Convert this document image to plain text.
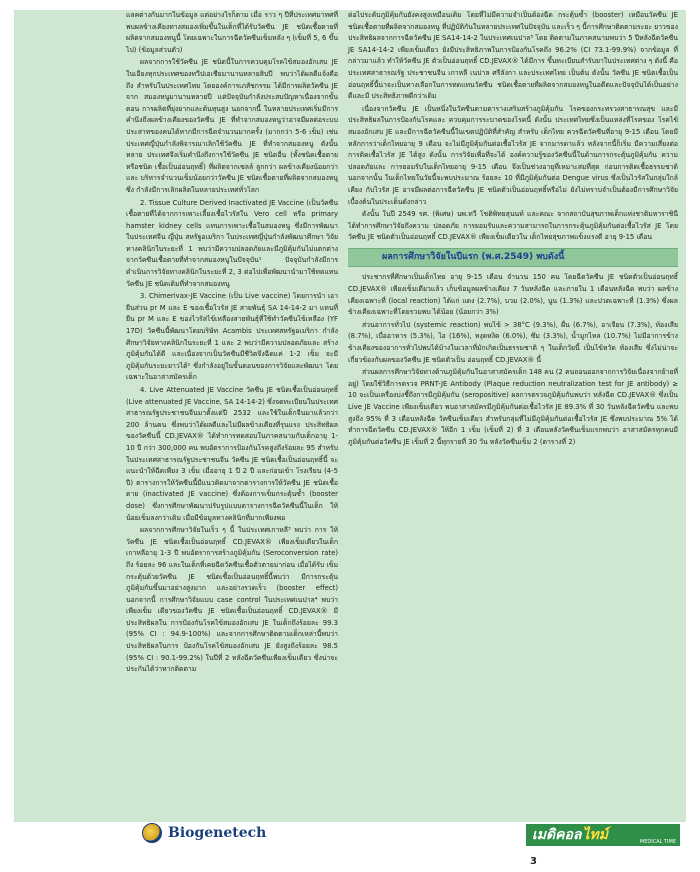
แลคต่างกันมากในข้อมูล แต่อย่างไรก็ตาม เมื่อ ราว ๆ ปีที่ประเทศมาทศที่ พบผลข้างเคียงทางสมองเพิ่มขึ้นในเด็กที่ได้รับวัคซีน JE ชนิดเชื้อตายที่ ผลิตจากสมองหนูนี้ โดยเฉพาะในการฉีดวัคซีนเข็มหลัง ๆ (เข็มที่ 5, 6 ขึ้นไป) (ข้อมูลส่วนตัว)

ผลจากการใช้วัคซีน JE ชนิดนี้ในการควบคุมโรคไข้สมองอักเสบ JE ในเอียงทุกประเทศของทวีปเอเชียมานานหลายสิบปี พบว่าได้ผลดีแจ้งคือถึง สำหรับในประเทศไทย โดยองค์การเภสัชกรรม ได้มีการผลิตวัคซีน JE จาก สมองหนูมานานหลายปี แต่ปัจจุบันกำลังประสบปัญหาเนื่องจากขั้นตอน การผลิตที่ยุ่งยากและต้นทุนสูง นอกจากนี้ ในหลายประเทศเริ่มมีการ คำนึงถึงผลข้างเคียงของวัคซีน JE ที่ทำจากสมองหนูว่าอาจมีผลต่อระบบ ประสาทของคนได้หากมีการฉีดจำนวนมากครั้ง (มากกว่า 5-6 เข็ม) เช่น ประเทศญี่ปุ่นกำลังพิจารณาเลิกใช้วัคซีน JE ที่ทำจากสมองหนู ดังนั้น หลาย ประเทศจึงเริ่มคำนึงถึงการใช้วัคซีน JE ชนิดอื่น (ทั้งชนิดเชื้อตายหรือชนิด เชื้อเป็นอ่อนฤทธิ์) ที่ผลิตจากเซลล์ ลูกกว่า ผลข้างเคียงน้อยกว่า และ บริหารจำนวนเข็มน้อยกว่าวัคซีน JE ชนิดเชื้อตายที่ผลิตจากสมองหนูซึ่ง กำลังมีการเลิกผลิตในหลายประเทศทั่วโลก

2. Tissue Culture Derived Inactivated JE Vaccine (เป็นวัคซีน เชื้อตายที่ได้จากการเพาะเลี้ยงเชื้อไวรัสใน Vero cell หรือ primary hamster kidney cells แทนการเพาะเชื้อในสมองหนู ซึ่งมีการพัฒนา ในประเทศจีน ญี่ปุ่น สหรัฐอเมริกา ในประเทศญี่ปุ่นกำลังพัฒนาศึกษา วิจัยทางคลินิกในระยะที่ 1 พบว่ามีความปลอดภัยและมีภูมิคุ้มกันไม่แตกต่าง จากวัคซีนเชื้อตายที่ทำจากสมองหนูในปัจจุบัน¹ ปัจจุบันกำลังมีการ ดำเนินการวิจัยทางคลินิกในระยะที่ 2, 3 ต่อไปเพื่อพัฒนานำมาใช้ทดแทน วัคซีน JE ชนิดเดิมที่ทำจากสมองหนู

3. Chimerivax-JE Vaccine (เป็น Live vaccine) โดยการนำ เอายีนส่วน pr M และ E ของเชื้อไวรัส JE สายพันธุ์ SA 14-14-2 มา แทนที่ยีน pr M และ E ของไวรัสไข้เหลืองสายพันธุ์ที่ใช้ทำวัคซีนไข้เหลือง (YF 17D) วัคซีนนี้พัฒนาโดยบริษัท Acambis ประเทศสหรัฐอเมริกา กำลังศึกษาวิจัยทางคลินิกในระยะที่ 1 และ 2 พบว่ามีความปลอดภัยและ สร้างภูมิคุ้มกันได้ดี และเนื่องจากเป็นวัคซีนมีชีวิตจึงฉีดแค่ 1-2 เข็ม จะมี ภูมิคุ้มกันระยะยาวได้² ซึ่งกำลังอยู่ในขั้นตอนของการวิจัยและพัฒนา โดยเฉพาะในอาสาสมัครเด็ก

4. Live Attenuated JE Vaccine วัคซีน JE ชนิดเชื้อเป็นอ่อนฤทธิ์ (Live attenuated JE Vaccine, SA 14-14-2) ซึ่งจดทะเบียนในประเทศ สาธารณรัฐประชาชนจีนมาตั้งแต่ปี 2532 และใช้ในเด็กจีนมาแล้วกว่า 200 ล้านคน ซึ่งพบว่าได้ผลดีและไม่มีผลข้างเคียงที่รุนแรง ประสิทธิผล ของวัคซีนนี้ CD.JEVAX® ได้ทำการทดสอบในภาคสนามกับเด็กอายุ 1-10 ปี กว่า 300,000 คน พบอัตราการป้องกันโรคสูงถึงร้อยละ 95 สำหรับ ในประเทศสาธารณรัฐประชาชนจีน วัคซีน JE ชนิดเชื้อเป็นอ่อนฤทธิ์นี้ จะแนะนำให้ฉีดเพียง 3 เข็ม เมื่ออายุ 1 ปี 2 ปี และก่อนเข้า โรงเรียน (4-5 ปี) ตารางการให้วัคซีนนี้มีแนวคิดมาจากตารางการให้วัคซีน JE ชนิดเชื้อตาย (inactivated JE vaccine) ซึ่งต้องการเข็มกระตุ้นซ้ำ (booster dose) ซึ่งการศึกษาพัฒนาปรับรูปแบบตารางการฉีดวัคซีนนี้ในเด็ก ให้น้อยเข็มลงกว่าเดิม เมื่อมีข้อมูลทางคลินิกที่มากเพียงพอ

ผลจากการศึกษาวิจัยในเร็ว ๆ นี้ ในประเทศเกาหลี³ พบว่า การ ให้วัคซีน JE ชนิดเชื้อเป็นอ่อนฤทธิ์ CD.JEVAX® เพียงเข็มเดียวในเด็ก เกาหลีอายุ 1-3 ปี พบอัตราการสร้างภูมิคุ้มกัน (Seroconversion rate) ถึง ร้อยละ 96 และในเด็กที่เคยฉีดวัคซีนเชื้อตัวตายมาก่อน เมื่อได้รับ เข็มกระตุ้นด้วยวัคซีน JE ชนิดเชื้อเป็นอ่อนฤทธิ์นี้พบว่า มีการกระตุ้น ภูมิคุ้มกันขึ้นมาอย่างสูงมาก และอย่างรวดเร็ว (booster effect) นอกจากนี้ การศึกษาวิจัยแบบ case control ในประเทศเนปาล⁴ พบว่าเพียงเข็ม เดียวของวัคซีน JE ชนิดเชื้อเป็นอ่อนฤทธิ์ CD.JEVAX® มีประสิทธิผลใน การป้องกันโรคไข้สมองอักเสบ JE ในเด็กถึงร้อยละ 99.3 (95% CI : 94.9-100%) และจากการศึกษาติดตามเด็กเหล่านี้พบว่า ประสิทธิผลในการ ป้องกันโรคไข้สมองอักเสบ JE ยังสูงถึงร้อยละ 98.5 (95% CI : 90.1-99.2%) ในปีที่ 2 หลังฉีดวัคซีนเพียงเข็มเดียว ซึ่งน่าจะประกันได้ว่าหากติดตาม

ต่อไประดับภูมิคุ้มกันยังคงสูงเหมือนเดิม โดยที่ไม่มีความจำเป็นต้องฉีด กระตุ้นซ้ำ (booster) เหมือนวัคซีน JE ชนิดเชื้อตายที่ผลิตจากสมองหนู ที่ปฏิบัติกันในหลายประเทศในปัจจุบัน และเร็ว ๆ นี้การศึกษาติดตามระยะ ยาวของประสิทธิผลจากการฉีดวัคซีน JE SA14-14-2 ในประเทศเนปาล⁵ โดย ติดตามในภาคสนามพบว่า 5 ปีหลังฉีดวัคซีน JE SA14-14-2 เพียงเข็มเดียว ยังมีประสิทธิภาพในการป้องกันโรคถึง 96.2% (CI 73.1-99.9%) จากข้อมูล ที่กล่าวมาแล้ว ทำให้วัคซีน JE ตัวเป็นอ่อนฤทธิ์ CD.JEVAX® ได้มีการ ขึ้นทะเบียนสำรับยาในประเทศต่าง ๆ ดังนี้ คือ ประเทศสาธารณรัฐ ประชาชนจีน เกาหลี เนปาล ศรีลังกา และประเทศไทย เป็นต้น ดังนั้น วัคซีน JE ชนิดเชื้อเป็นอ่อนฤทธิ์นี้น่าจะเป็นทางเลือกในการทดแทนวัคซีน ชนิดเชื้อตายที่ผลิตจากสมองหนูในอดีตและปัจจุบันได้เป็นอย่างดีและมี ประสิทธิภาพดีกว่าเดิม

เนื่องจากวัคซีน JE เป็นหนึ่งในวัคซีนตามตารางเสริมสร้างภูมิคุ้มกัน โรคของกระทรวงสาธารณสุข และมีประสิทธิผลในการป้องกันโรคและ ควบคุมการระบาดของโรคนี้ ดังนั้น ประเทศไทยซึ่งเป็นแหล่งที่โรคของ โรคไข้สมองอักเสบ JE และมีการฉีดวัคซีนนี้ในเขตปฏิบัติที่สำคัญ สำหรับ เด็กไทย ควรฉีดวัคซีนที่อายุ 9-15 เดือน โดยมีหลักการว่าเด็กไทยอายุ 9 เดือน จะไม่มีภูมิคุ้มกันต่อเชื้อไวรัส JE จากมารดาแล้ว หลังจากนี้ก็เริ่ม มีความเสี่ยงต่อการติดเชื้อไวรัส JE ได้สูง ดังนั้น การวิจัยเพื่อที่จะได้ องค์ความรู้ของวัคซีนนี้ในด้านการกระตุ้นภูมิคุ้มกัน ความปลอดภัยและ การยอมรับในเด็กไทยอายุ 9-15 เดือน จึงเป็นช่วงอายุที่เหมาะสมที่สุด ก่อนการติดเชื้อธรรมชาติ นอกจากนั้น ในเด็กไทยในวัยนี้จะพบประมาณ ร้อยละ 10 ที่มีภูมิคุ้มกันต่อ Dengue virus ซึ่งเป็นไวรัสในกลุ่มใกล้เคียง กับไวรัส JE อาจมีผลต่อการฉีดวัคซีน JE ชนิดตัวเป็นอ่อนฤทธิ์หรือไม่ ยังไม่ทราบจำเป็นต้องมีการศึกษาวิจัยเบื้องต้นในประเด็นดังกล่าว

ดังนั้น ในปี 2549 รศ. (พิเศษ) นพ.ทวี โชติพิทยสุนนท์ และคณะ จากสถาบันสุขภาพเด็กแห่งชาติมหาราชินี ได้ทำการศึกษาวิจัยถึงความ ปลอดภัย การยอมรับและความสามารถในการกระตุ้นภูมิคุ้มกันต่อเชื้อไวรัส JE โดยวัคซีน JE ชนิดตัวเป็นอ่อนฤทธิ์ CD.JEVAX® เพียงเข็มเดียวใน เด็กไทยสุขภาพแข็งแรงดี อายุ 9-15 เดือน

ผลการศึกษาวิจัยในปีแรก (พ.ศ.2549) พบดังนี้

ประชากรที่ศึกษาเป็นเด็กไทย อายุ 9-15 เดือน จำนวน 150 คน โดยฉีดวัคซีน JE ชนิดตัวเป็นอ่อนฤทธิ์ CD.JEVAX® เพียงเข็มเดียวแล้ว เก็บข้อมูลผลข้างเคียง 7 วันหลังฉีด และภายใน 1 เดือนหลังฉีด พบว่า ผลข้างเคียงเฉพาะที่ (local reaction) ได้แก่ แดง (2.7%), บวม (2.0%), นูน (1.3%) และปวดเฉพาะที่ (1.3%) ซึ่งผลข้างเคียงเฉพาะที่โดยรวมพบ ได้น้อย (น้อยกว่า 3%)

ส่วนอาการทั่วไป (systemic reaction) พบไข้ > 38°C (9.3%), ผื่น (6.7%), อาเจียน (7.3%), ท้องเสีย (8.7%), เบื่ออาหาร (5.3%), ไอ (16%), หงุดหงิด (6.0%), ซึม (3.3%), น้ำมูกไหล (10.7%) ไม่มีอาการข้าง ข้างเคียงของอาการทั่วไปพบได้บ้างในเวลาที่มักเกิดเป็นธรรมชาติ ๆ ในเด็กวัยนี้ เป็นไข้หวัด ท้องเสีย ซึ่งไม่น่าจะเกี่ยวข้องกับผลของวัคซีน JE ชนิดตัวเป็น อ่อนฤทธิ์ CD.JEVAX® นี้

ส่วนผลการศึกษาวิจัยทางด้านภูมิคุ้มกันในอาสาสมัครเด็ก 148 คน (2 คนถอนออกจากการวิจัยเนื่องจากย้ายที่อยู่) โดยใช้วิธีการตรวจ PRNT-JE Antibody (Plaque reduction neutralization test for JE antibody) ≥ 10 จะเป็นเครื่องบ่งชี้ถึงการมีภูมิคุ้มกัน (seropositive) ผลการตรวจภูมิคุ้มกันพบว่า หลังฉีด CD.JEVAX® ซึ่งเป็น Live JE Vaccine เพียงเข็มเดียว พบอาสาสมัครมีภูมิคุ้มกันต่อเชื้อไวรัส JE 89.3% ที่ 30 วันหลังฉีดวัคซีน และพบสูงถึง 95% ที่ 3 เดือนหลังฉีด วัคซีนเข็มเดียว สำหรับกลุ่มที่ไม่มีภูมิคุ้มกันต่อเชื้อไวรัส JE ซึ่งพบประมาณ 5% ได้ทำการฉีดวัคซีน CD.JEVAX® ให้อีก 1 เข็ม (เข็มที่ 2) ที่ 3 เดือนหลังวัคซีนเข็มแรกพบว่า อาสาสมัครทุกคนมี ภูมิคุ้มกันต่อวัคซีน JE เข็มที่ 2 นี้ทุกรายที่ 30 วัน หลังวัคซีนเข็ม 2 (ตารางที่ 2)

Biogenetech	เมดิคอล ไทม์	MEDICAL TIME
3
